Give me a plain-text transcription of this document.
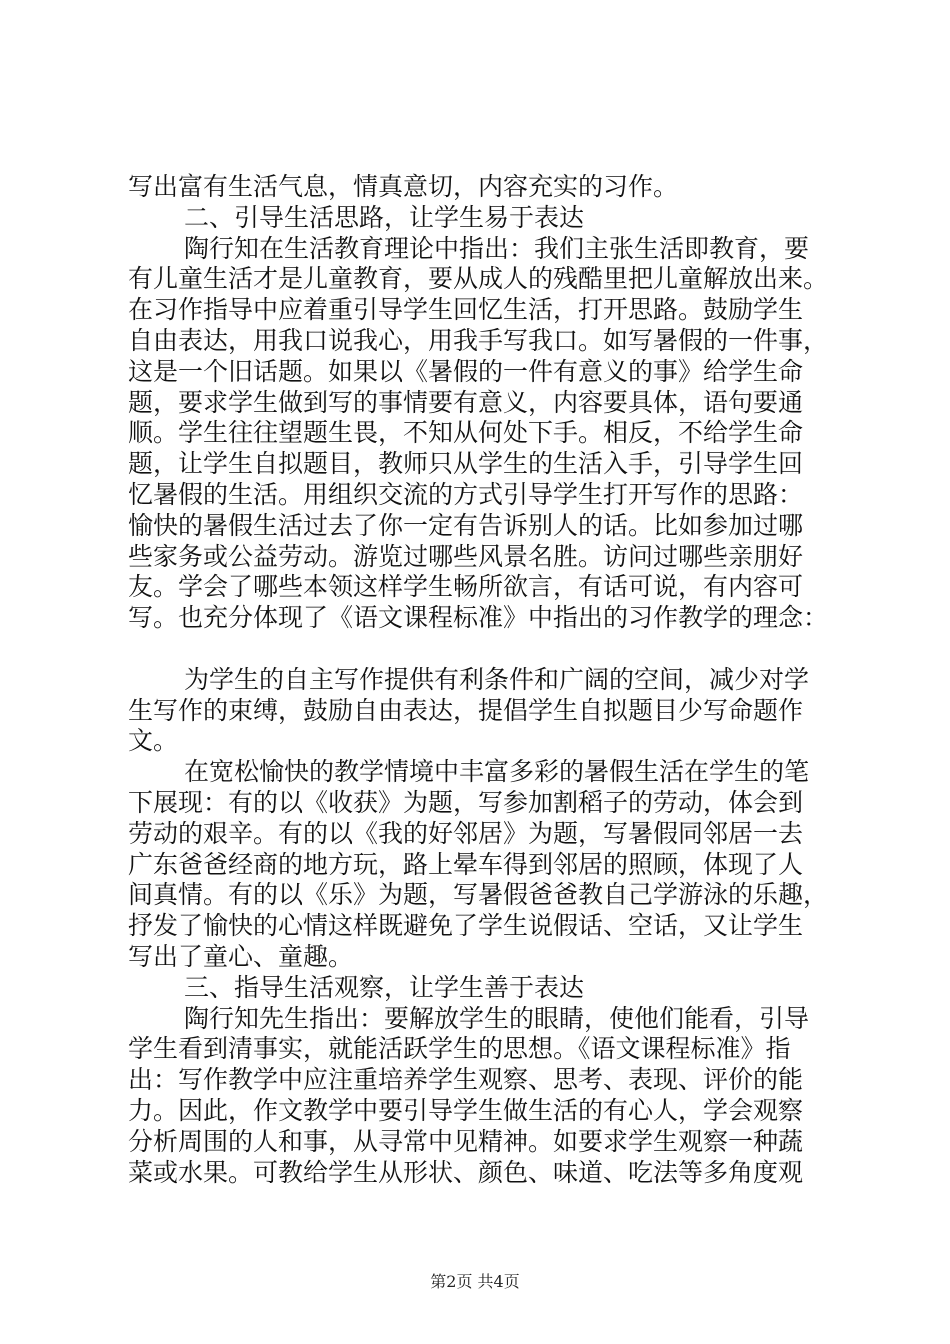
写出富有生活气息，情真意切，内容充实的习作。
二、引导生活思路，让学生易于表达
陶行知在生活教育理论中指出：我们主张生活即教育，要
有儿童生活才是儿童教育，要从成人的残酷里把儿童解放出来。
在习作指导中应着重引导学生回忆生活，打开思路。鼓励学生
自由表达，用我口说我心，用我手写我口。如写暑假的一件事，
这是一个旧话题。如果以《暑假的一件有意义的事》给学生命
题，要求学生做到写的事情要有意义，内容要具体，语句要通
顺。学生往往望题生畏，不知从何处下手。相反，不给学生命
题，让学生自拟题目，教师只从学生的生活入手，引导学生回
忆暑假的生活。用组织交流的方式引导学生打开写作的思路：
愉快的暑假生活过去了你一定有告诉别人的话。比如参加过哪
些家务或公益劳动。游览过哪些风景名胜。访问过哪些亲朋好
友。学会了哪些本领这样学生畅所欲言，有话可说，有内容可
写。也充分体现了《语文课程标准》中指出的习作教学的理念：
为学生的自主写作提供有利条件和广阔的空间，减少对学
生写作的束缚，鼓励自由表达，提倡学生自拟题目少写命题作
文。
在宽松愉快的教学情境中丰富多彩的暑假生活在学生的笔
下展现：有的以《收获》为题，写参加割稻子的劳动，体会到
劳动的艰辛。有的以《我的好邻居》为题，写暑假同邻居一去
广东爸爸经商的地方玩，路上晕车得到邻居的照顾，体现了人
间真情。有的以《乐》为题，写暑假爸爸教自己学游泳的乐趣，
抒发了愉快的心情这样既避免了学生说假话、空话，又让学生
写出了童心、童趣。
三、指导生活观察，让学生善于表达
陶行知先生指出：要解放学生的眼睛，使他们能看，引导
学生看到清事实，就能活跃学生的思想。《语文课程标准》指
出：写作教学中应注重培养学生观察、思考、表现、评价的能
力。因此，作文教学中要引导学生做生活的有心人，学会观察
分析周围的人和事，从寻常中见精神。如要求学生观察一种蔬
菜或水果。可教给学生从形状、颜色、味道、吃法等多角度观
第2页 共4页
